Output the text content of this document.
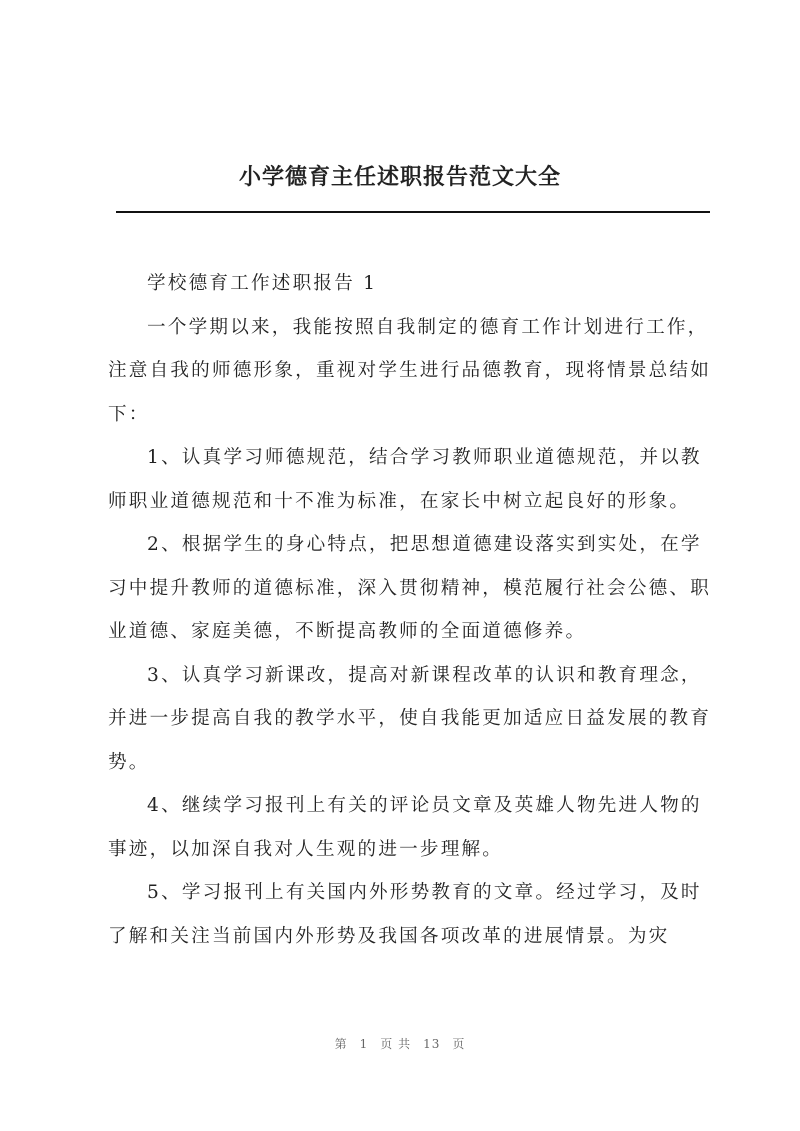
小学德育主任述职报告范文大全

学校德育工作述职报告 1

一个学期以来，我能按照自我制定的德育工作计划进行工作，注意自我的师德形象，重视对学生进行品德教育，现将情景总结如下：

1、认真学习师德规范，结合学习教师职业道德规范，并以教师职业道德规范和十不准为标准，在家长中树立起良好的形象。

2、根据学生的身心特点，把思想道德建设落实到实处，在学习中提升教师的道德标准，深入贯彻精神，模范履行社会公德、职业道德、家庭美德，不断提高教师的全面道德修养。

3、认真学习新课改，提高对新课程改革的认识和教育理念，并进一步提高自我的教学水平，使自我能更加适应日益发展的教育势。

4、继续学习报刊上有关的评论员文章及英雄人物先进人物的事迹，以加深自我对人生观的进一步理解。

5、学习报刊上有关国内外形势教育的文章。经过学习，及时了解和关注当前国内外形势及我国各项改革的进展情景。为灾

第 1 页 共 13 页
